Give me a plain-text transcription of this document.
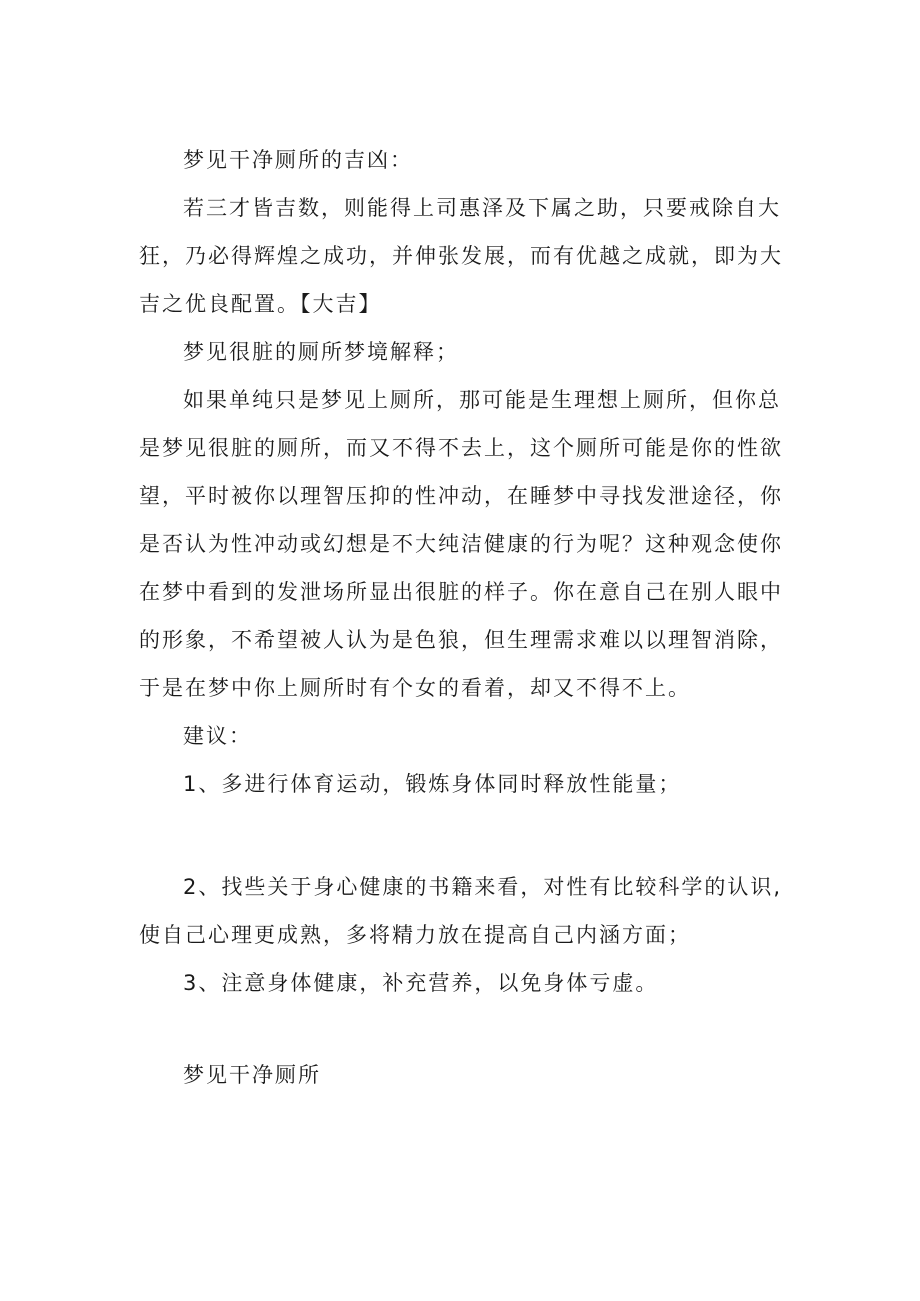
梦见干净厕所的吉凶：

若三才皆吉数，则能得上司惠泽及下属之助，只要戒除自大狂，乃必得辉煌之成功，并伸张发展，而有优越之成就，即为大吉之优良配置。【大吉】

梦见很脏的厕所梦境解释；

如果单纯只是梦见上厕所，那可能是生理想上厕所，但你总是梦见很脏的厕所，而又不得不去上，这个厕所可能是你的性欲望，平时被你以理智压抑的性冲动，在睡梦中寻找发泄途径，你是否认为性冲动或幻想是不大纯洁健康的行为呢？这种观念使你在梦中看到的发泄场所显出很脏的样子。你在意自己在别人眼中的形象，不希望被人认为是色狼，但生理需求难以以理智消除，于是在梦中你上厕所时有个女的看着，却又不得不上。

建议：

1、多进行体育运动，锻炼身体同时释放性能量；

2、找些关于身心健康的书籍来看，对性有比较科学的认识,使自己心理更成熟，多将精力放在提高自己内涵方面；

3、注意身体健康，补充营养，以免身体亏虚。

梦见干净厕所
